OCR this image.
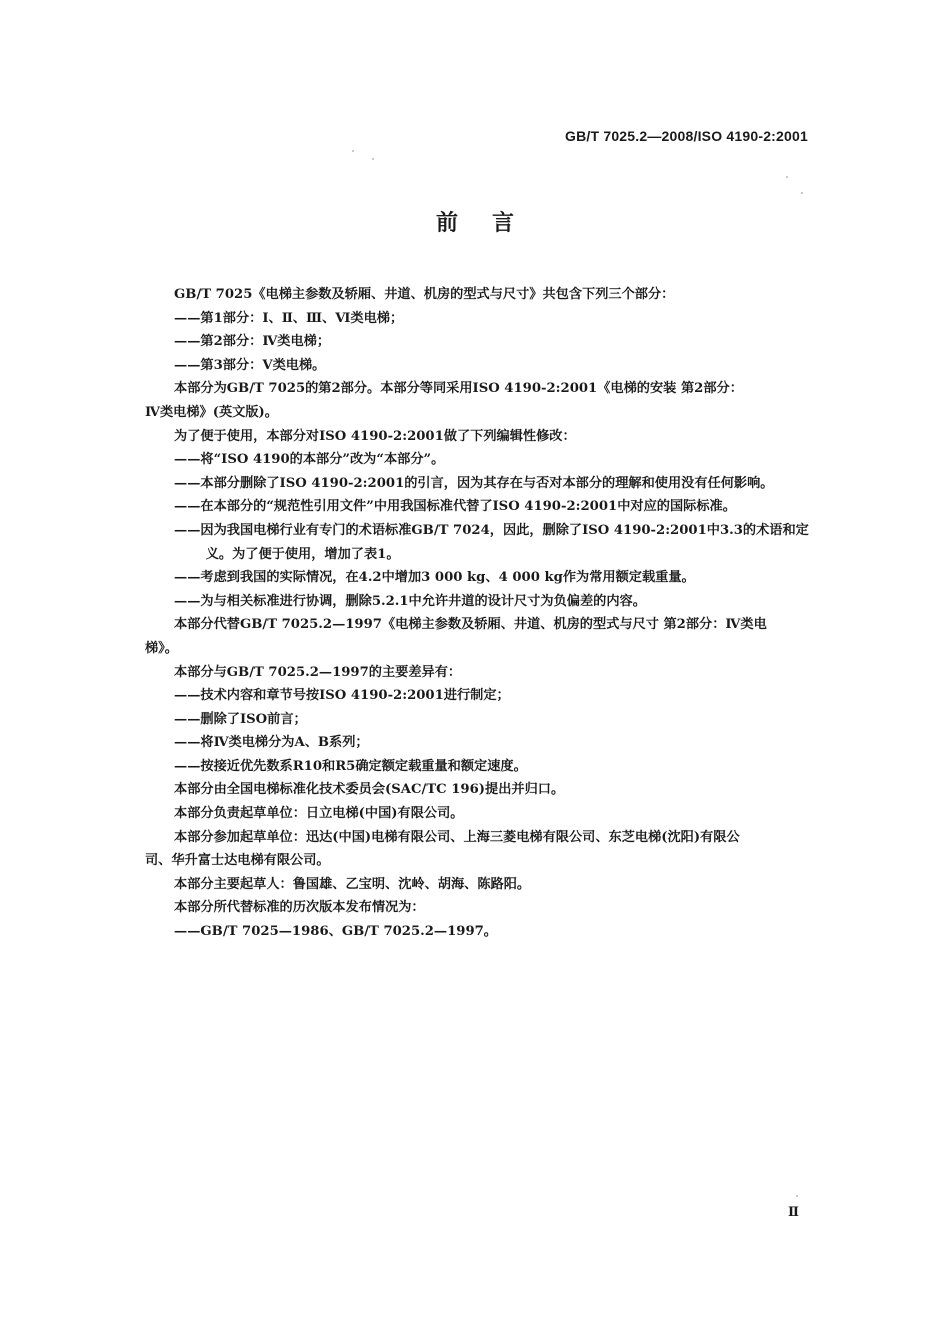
GB/T 7025.2—2008/ISO 4190-2:2001
前言

GB/T 7025《电梯主参数及轿厢、井道、机房的型式与尺寸》共包含下列三个部分：

——第1部分：Ⅰ、Ⅱ、Ⅲ、Ⅵ类电梯；

——第2部分：Ⅳ类电梯；

——第3部分：Ⅴ类电梯。

本部分为GB/T 7025的第2部分。本部分等同采用ISO 4190-2:2001《电梯的安装 第2部分：

Ⅳ类电梯》(英文版)。

为了便于使用，本部分对ISO 4190-2:2001做了下列编辑性修改：

——将“ISO 4190的本部分”改为“本部分”。

——本部分删除了ISO 4190-2:2001的引言，因为其存在与否对本部分的理解和使用没有任何影响。

——在本部分的“规范性引用文件”中用我国标准代替了ISO 4190-2:2001中对应的国际标准。

——因为我国电梯行业有专门的术语标准GB/T 7024，因此，删除了ISO 4190-2:2001中3.3的术语和定义。为了便于使用，增加了表1。

——考虑到我国的实际情况，在4.2中增加3 000 kg、4 000 kg作为常用额定载重量。

——为与相关标准进行协调，删除5.2.1中允许井道的设计尺寸为负偏差的内容。

本部分代替GB/T 7025.2—1997《电梯主参数及轿厢、井道、机房的型式与尺寸 第2部分：Ⅳ类电

梯》。

本部分与GB/T 7025.2—1997的主要差异有：

——技术内容和章节号按ISO 4190-2:2001进行制定；

——删除了ISO前言；

——将Ⅳ类电梯分为A、B系列；

——按接近优先数系R10和R5确定额定载重量和额定速度。

本部分由全国电梯标准化技术委员会(SAC/TC 196)提出并归口。

本部分负责起草单位：日立电梯(中国)有限公司。

本部分参加起草单位：迅达(中国)电梯有限公司、上海三菱电梯有限公司、东芝电梯(沈阳)有限公

司、华升富士达电梯有限公司。

本部分主要起草人：鲁国雄、乙宝明、沈岭、胡海、陈路阳。

本部分所代替标准的历次版本发布情况为：

——GB/T 7025—1986、GB/T 7025.2—1997。

Ⅱ
